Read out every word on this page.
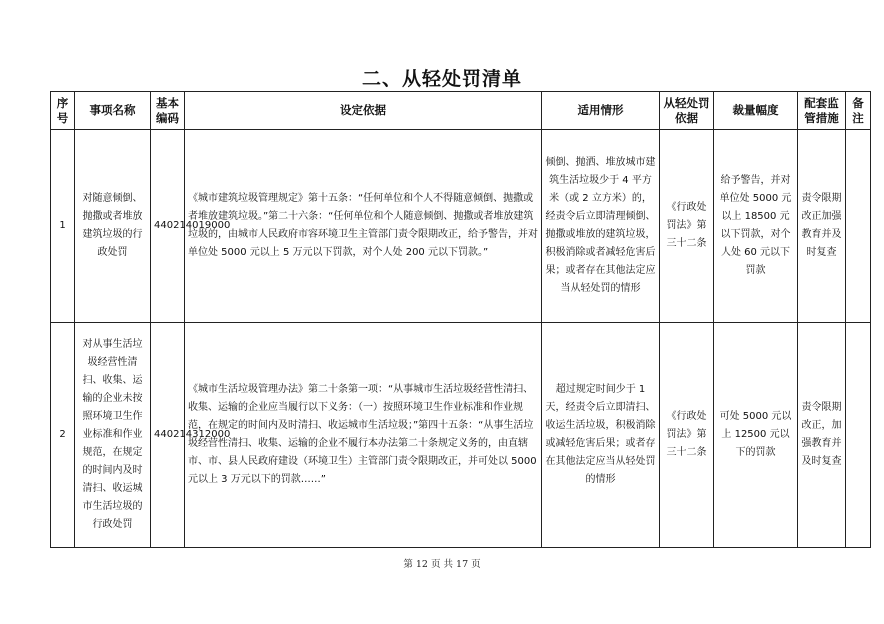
二、从轻处罚清单
序号	事项名称	基本编码	设定依据	适用情形	从轻处罚依据	裁量幅度	配套监管措施	备注
1	对随意倾倒、抛撒或者堆放建筑垃圾的行政处罚	440214019000	《城市建筑垃圾管理规定》第十五条：“任何单位和个人不得随意倾倒、抛撒或者堆放建筑垃圾。”第二十六条：“任何单位和个人随意倾倒、抛撒或者堆放建筑垃圾的，由城市人民政府市容环境卫生主管部门责令限期改正，给予警告，并对单位处 5000 元以上 5 万元以下罚款，对个人处 200 元以下罚款。”	倾倒、抛洒、堆放城市建筑生活垃圾少于 4 平方米（或 2 立方米）的，经责令后立即清理倾倒、抛撒或堆放的建筑垃圾，积极消除或者减轻危害后果；或者存在其他法定应当从轻处罚的情形	《行政处罚法》第三十二条	给予警告，并对单位处 5000 元以上 18500 元以下罚款，对个人处 60 元以下罚款	责令限期改正加强教育并及时复查	
2	对从事生活垃圾经营性清扫、收集、运输的企业未按照环境卫生作业标准和作业规范，在规定的时间内及时清扫、收运城市生活垃圾的行政处罚	440214312000	《城市生活垃圾管理办法》第二十条第一项：“从事城市生活垃圾经营性清扫、收集、运输的企业应当履行以下义务：（一）按照环境卫生作业标准和作业规范，在规定的时间内及时清扫、收运城市生活垃圾；”第四十五条：“从事生活垃圾经营性清扫、收集、运输的企业不履行本办法第二十条规定义务的，由直辖市、市、县人民政府建设（环境卫生）主管部门责令限期改正，并可处以 5000 元以上 3 万元以下的罚款……”	超过规定时间少于 1 天，经责令后立即清扫、收运生活垃圾，积极消除或减轻危害后果；或者存在其他法定应当从轻处罚的情形	《行政处罚法》第三十二条	可处 5000 元以上 12500 元以下的罚款	责令限期改正，加强教育并及时复查	
第 12 页 共 17 页
